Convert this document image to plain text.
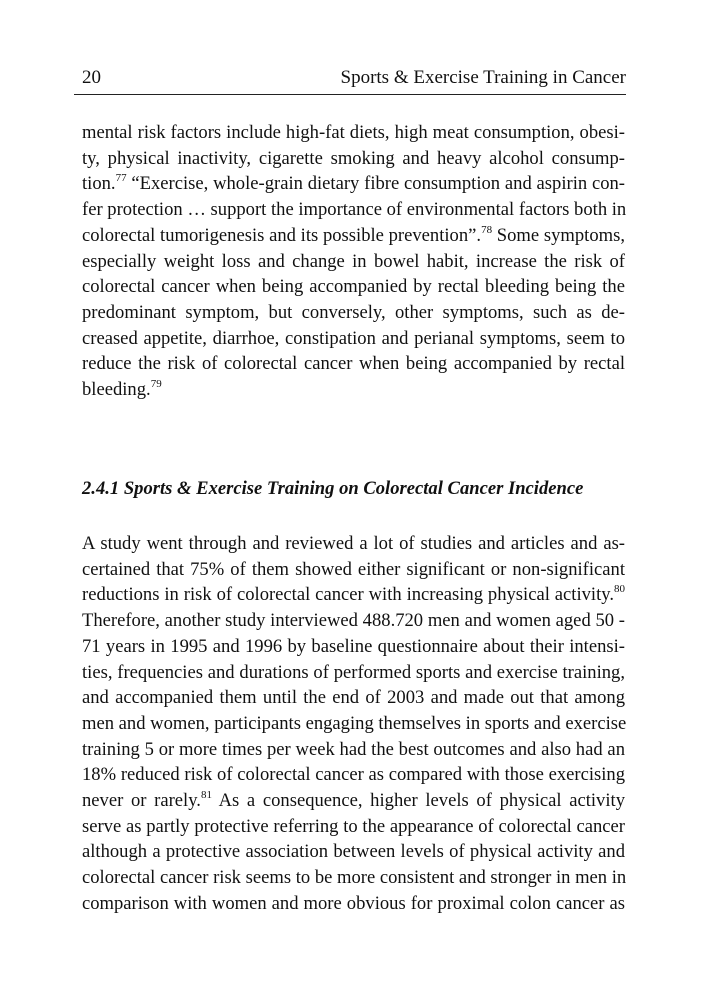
20	Sports & Exercise Training in Cancer
mental risk factors include high-fat diets, high meat consumption, obesi-
ty, physical inactivity, cigarette smoking and heavy alcohol consump-
tion.$^{77}$ “Exercise, whole-grain dietary fibre consumption and aspirin con-
fer protection … support the importance of environmental factors both in
colorectal tumorigenesis and its possible prevention”.$^{78}$ Some symptoms,
especially weight loss and change in bowel habit, increase the risk of
colorectal cancer when being accompanied by rectal bleeding being the
predominant symptom, but conversely, other symptoms, such as de-
creased appetite, diarrhoe, constipation and perianal symptoms, seem to
reduce the risk of colorectal cancer when being accompanied by rectal
bleeding.$^{79}$
2.4.1 Sports & Exercise Training on Colorectal Cancer Incidence
A study went through and reviewed a lot of studies and articles and as-
certained that 75% of them showed either significant or non-significant
reductions in risk of colorectal cancer with increasing physical activity.$^{80}$
Therefore, another study interviewed 488.720 men and women aged 50 -
71 years in 1995 and 1996 by baseline questionnaire about their intensi-
ties, frequencies and durations of performed sports and exercise training,
and accompanied them until the end of 2003 and made out that among
men and women, participants engaging themselves in sports and exercise
training 5 or more times per week had the best outcomes and also had an
18% reduced risk of colorectal cancer as compared with those exercising
never or rarely.$^{81}$ As a consequence, higher levels of physical activity
serve as partly protective referring to the appearance of colorectal cancer
although a protective association between levels of physical activity and
colorectal cancer risk seems to be more consistent and stronger in men in
comparison with women and more obvious for proximal colon cancer as
